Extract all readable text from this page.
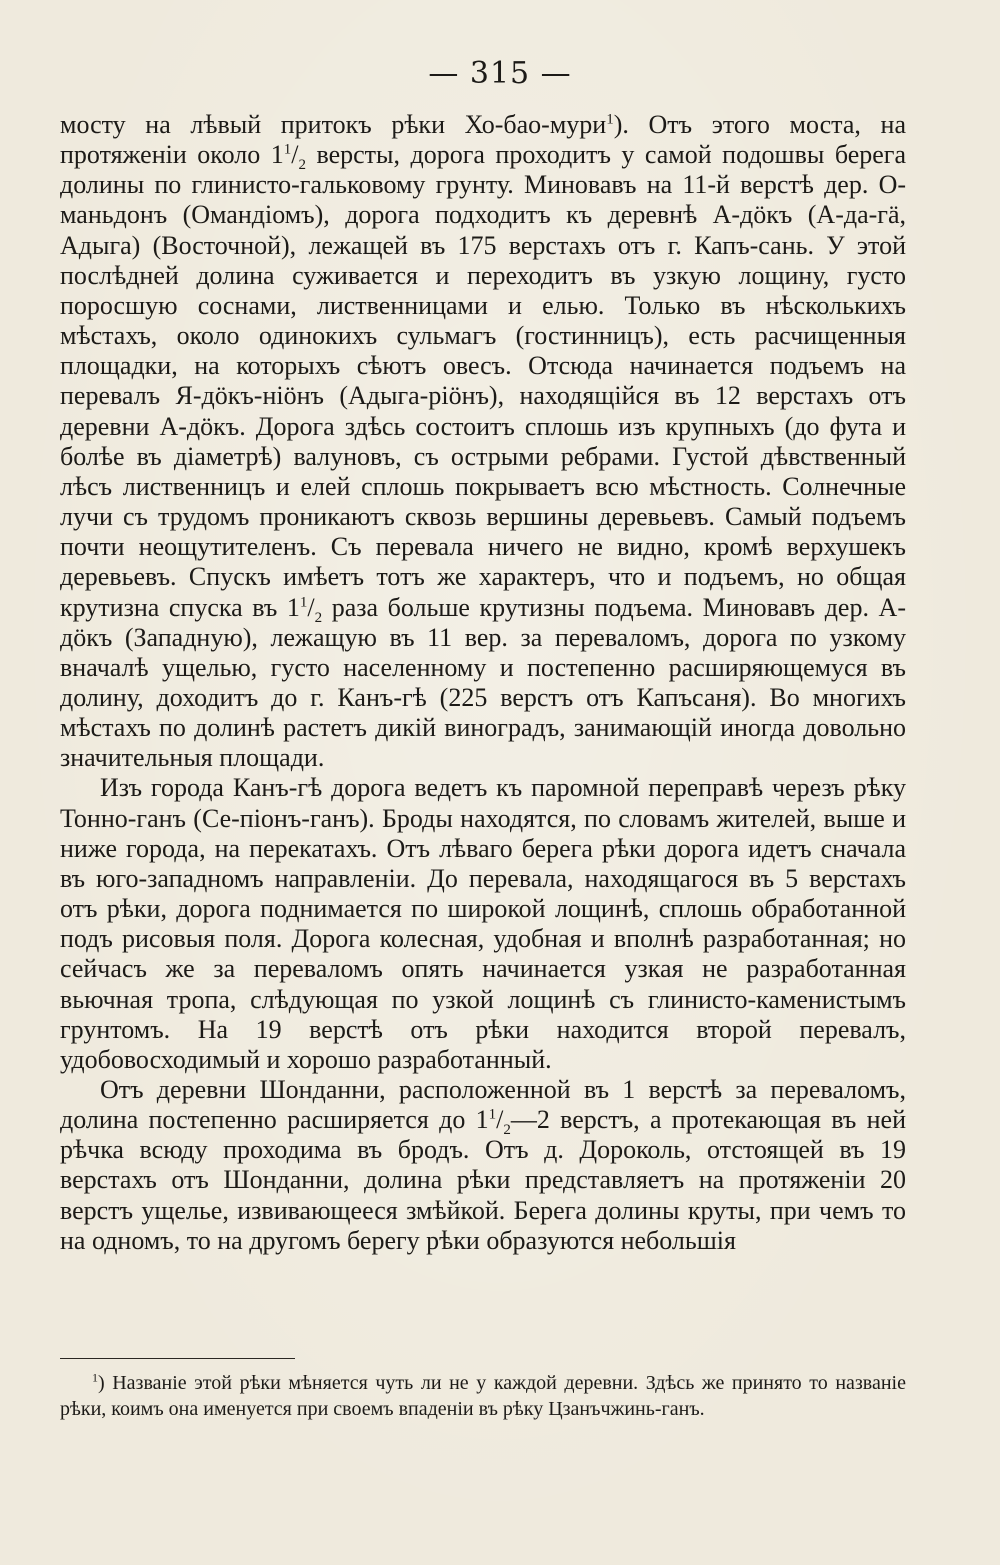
— 315 —

мосту на лѣвый притокъ рѣки Хо-бао-мури$^1$). Отъ этого моста, на протяженіи около $1^1/_2$ версты, дорога проходитъ у самой подошвы берега долины по глинисто-гальковому грунту. Миновавъ на 11-й верстѣ дер. О-маньдонъ (Омандіомъ), дорога подходитъ къ деревнѣ А-дӧкъ (А-да-гä, Адыга) (Восточной), лежащей въ 175 верстахъ отъ г. Капъ-сань. У этой послѣдней долина суживается и переходитъ въ узкую лощину, густо поросшую соснами, лиственницами и елью. Только въ нѣсколькихъ мѣстахъ, около одинокихъ сульмагъ (гостинницъ), есть расчищенныя площадки, на которыхъ сѣютъ овесъ. Отсюда начинается подъемъ на перевалъ Я-дӧкъ-ніӧнъ (Адыга-ріӧнъ), находящійся въ 12 верстахъ отъ деревни А-дӧкъ. Дорога здѣсь состоитъ сплошь изъ крупныхъ (до фута и болѣе въ діаметрѣ) валуновъ, съ острыми ребрами. Густой дѣвственный лѣсъ лиственницъ и елей сплошь покрываетъ всю мѣстность. Солнечные лучи съ трудомъ проникаютъ сквозь вершины деревьевъ. Самый подъемъ почти неощутителенъ. Съ перевала ничего не видно, кромѣ верхушекъ деревьевъ. Спускъ имѣетъ тотъ же характеръ, что и подъемъ, но общая крутизна спуска въ $1^1/_2$ раза больше крутизны подъема. Миновавъ дер. А-дӧкъ (Западную), лежащую въ 11 вер. за переваломъ, дорога по узкому вначалѣ ущелью, густо населенному и постепенно расширяющемуся въ долину, доходитъ до г. Канъ-гѣ (225 верстъ отъ Капъсаня). Во многихъ мѣстахъ по долинѣ растетъ дикій виноградъ, занимающій иногда довольно значительныя площади.

Изъ города Канъ-гѣ дорога ведетъ къ паромной переправѣ черезъ рѣку Тонно-ганъ (Се-піонъ-ганъ). Броды находятся, по словамъ жителей, выше и ниже города, на перекатахъ. Отъ лѣваго берега рѣки дорога идетъ сначала въ юго-западномъ направленіи. До перевала, находящагося въ 5 верстахъ отъ рѣки, дорога поднимается по широкой лощинѣ, сплошь обработанной подъ рисовыя поля. Дорога колесная, удобная и вполнѣ разработанная; но сейчасъ же за переваломъ опять начинается узкая не разработанная вьючная тропа, слѣдующая по узкой лощинѣ съ глинисто-каменистымъ грунтомъ. На 19 верстѣ отъ рѣки находится второй перевалъ, удобовосходимый и хорошо разработанный.

Отъ деревни Шонданни, расположенной въ 1 верстѣ за переваломъ, долина постепенно расширяется до $1^1/_2—2$ верстъ, а протекающая въ ней рѣчка всюду проходима въ бродъ. Отъ д. Дороколь, отстоящей въ 19 верстахъ отъ Шонданни, долина рѣки представляетъ на протяженіи 20 верстъ ущелье, извивающееся змѣйкой. Берега долины круты, при чемъ то на одномъ, то на другомъ берегу рѣки образуются небольшія

$^1$) Названіе этой рѣки мѣняется чуть ли не у каждой деревни. Здѣсь же принято то названіе рѣки, коимъ она именуется при своемъ впаденіи въ рѣку Цзанъчжинь-ганъ.
